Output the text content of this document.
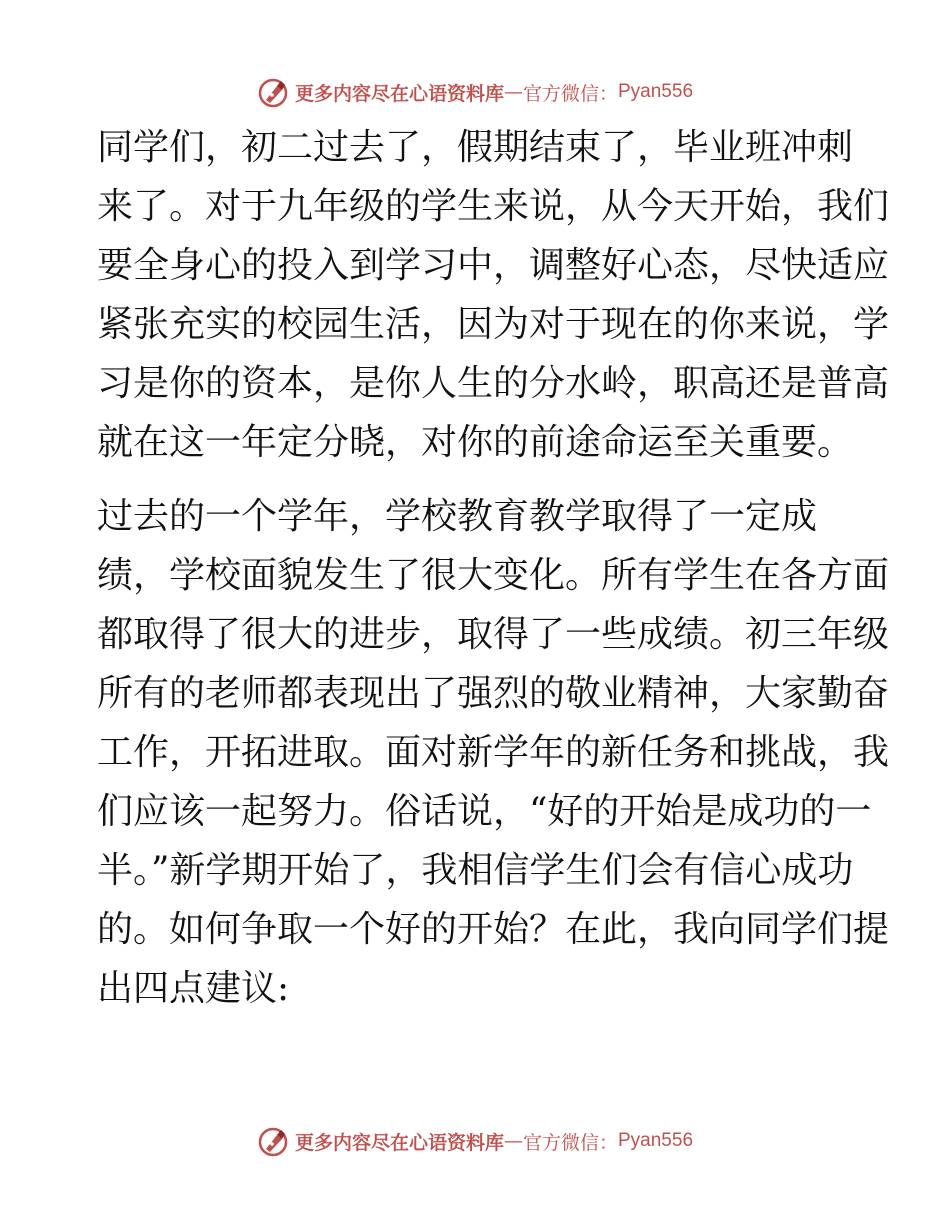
更多内容尽在心语资料库 — 官方微信： Pyan556

同学们，初二过去了，假期结束了，毕业班冲刺
来了。对于九年级的学生来说，从今天开始，我们
要全身心的投入到学习中，调整好心态，尽快适应
紧张充实的校园生活，因为对于现在的你来说，学
习是你的资本，是你人生的分水岭，职高还是普高
就在这一年定分晓，对你的前途命运至关重要。

过去的一个学年，学校教育教学取得了一定成
绩，学校面貌发生了很大变化。所有学生在各方面
都取得了很大的进步，取得了一些成绩。初三年级
所有的老师都表现出了强烈的敬业精神，大家勤奋
工作，开拓进取。面对新学年的新任务和挑战，我
们应该一起努力。俗话说，“好的开始是成功的一
半。”新学期开始了，我相信学生们会有信心成功
的。如何争取一个好的开始？在此，我向同学们提
出四点建议:

更多内容尽在心语资料库 — 官方微信： Pyan556
